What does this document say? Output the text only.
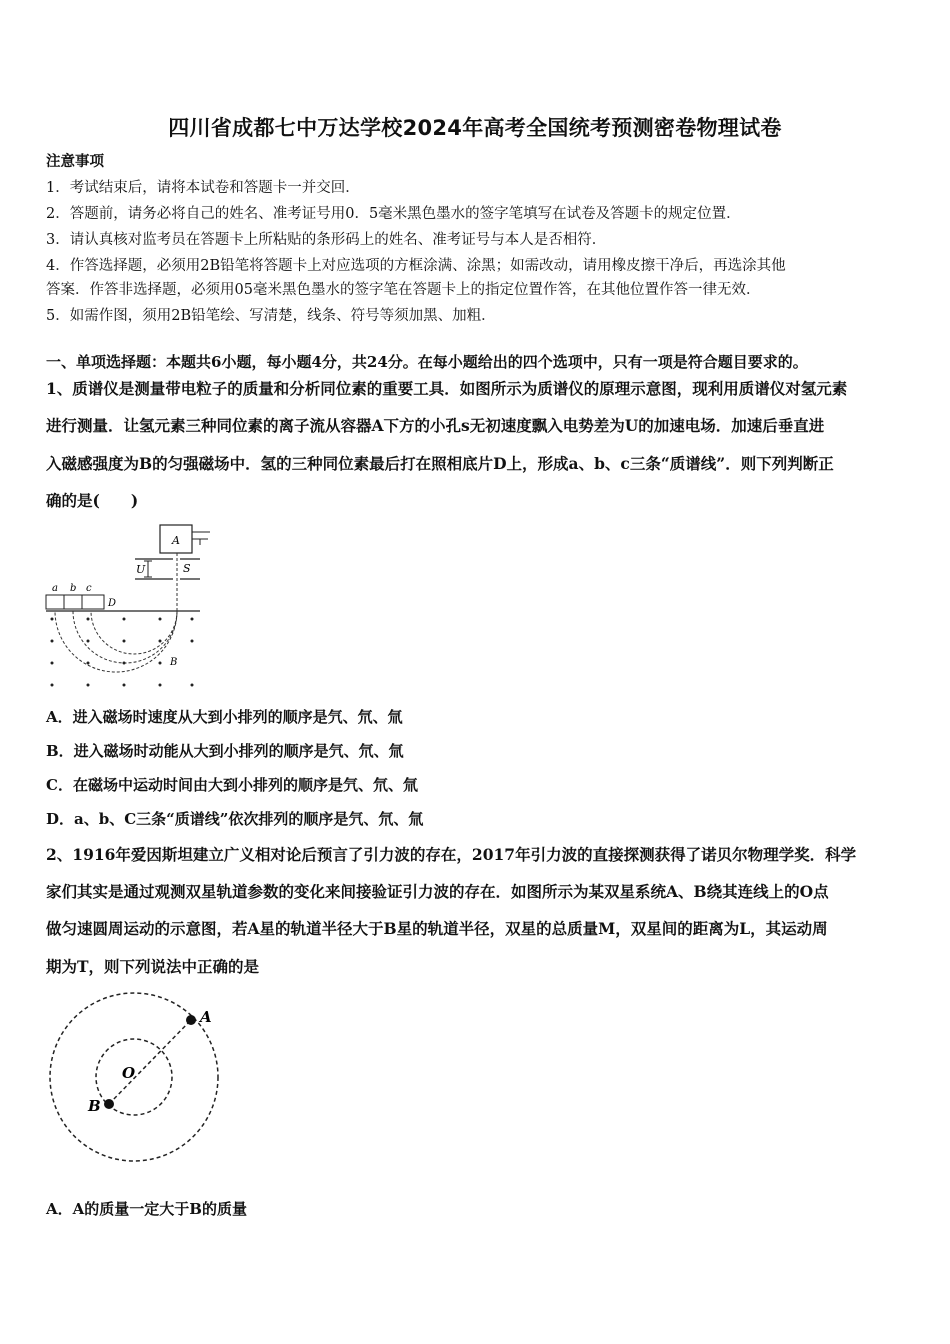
四川省成都七中万达学校2024年高考全国统考预测密卷物理试卷
注意事项
1．考试结束后，请将本试卷和答题卡一并交回．
2．答题前，请务必将自己的姓名、准考证号用0．5毫米黑色墨水的签字笔填写在试卷及答题卡的规定位置．
3．请认真核对监考员在答题卡上所粘贴的条形码上的姓名、准考证号与本人是否相符．
4．作答选择题，必须用2B铅笔将答题卡上对应选项的方框涂满、涂黑；如需改动，请用橡皮擦干净后，再选涂其他
答案．作答非选择题，必须用05毫米黑色墨水的签字笔在答题卡上的指定位置作答，在其他位置作答一律无效．
5．如需作图，须用2B铅笔绘、写清楚，线条、符号等须加黑、加粗．
一、单项选择题：本题共6小题，每小题4分，共24分。在每小题给出的四个选项中，只有一项是符合题目要求的。
1、质谱仪是测量带电粒子的质量和分析同位素的重要工具．如图所示为质谱仪的原理示意图，现利用质谱仪对氢元素
进行测量．让氢元素三种同位素的离子流从容器A下方的小孔s无初速度飘入电势差为U的加速电场．加速后垂直进
入磁感强度为B的匀强磁场中．氢的三种同位素最后打在照相底片D上，形成a、b、c三条“质谱线”．则下列判断正
确的是(　　)
A
U	S
a b c
D
B
A．进入磁场时速度从大到小排列的顺序是氕、氘、氚
B．进入磁场时动能从大到小排列的顺序是氕、氘、氚
C．在磁场中运动时间由大到小排列的顺序是氕、氘、氚
D．a、b、C三条“质谱线”依次排列的顺序是氕、氘、氚
2、1916年爱因斯坦建立广义相对论后预言了引力波的存在，2017年引力波的直接探测获得了诺贝尔物理学奖．科学
家们其实是通过观测双星轨道参数的变化来间接验证引力波的存在．如图所示为某双星系统A、B绕其连线上的O点
做匀速圆周运动的示意图，若A星的轨道半径大于B星的轨道半径，双星的总质量M，双星间的距离为L，其运动周
期为T，则下列说法中正确的是
A
O
B
A．A的质量一定大于B的质量
